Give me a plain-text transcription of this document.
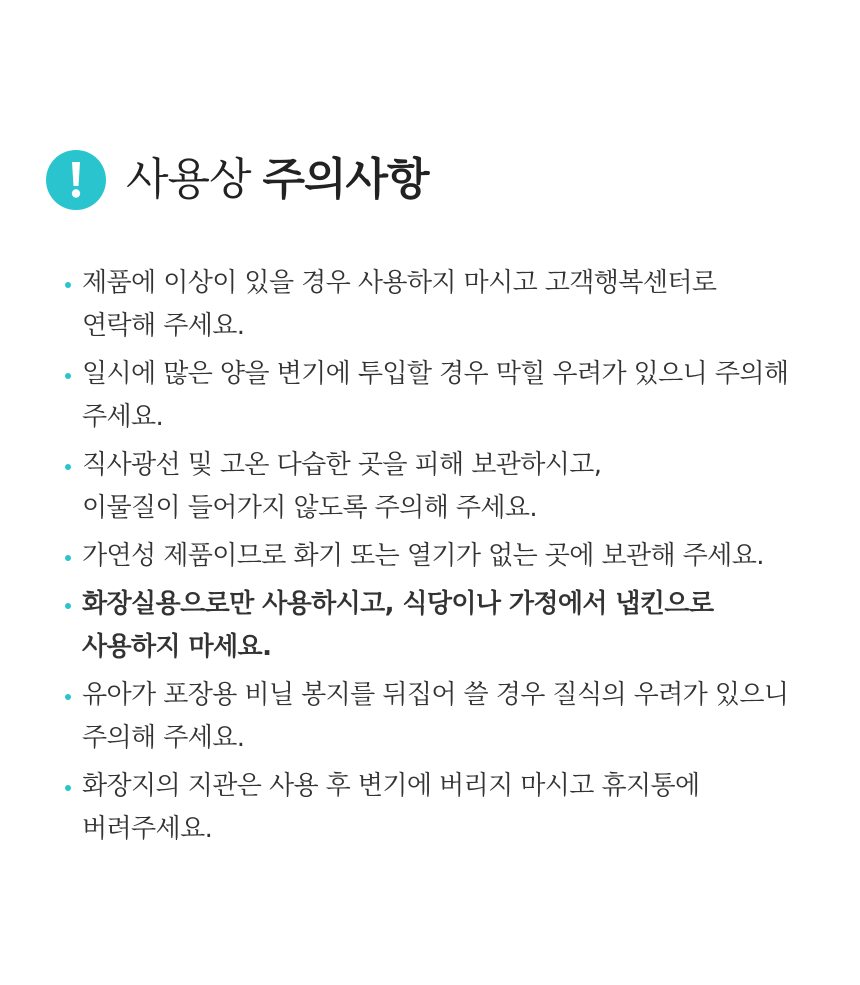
사용상 주의사항
제품에 이상이 있을 경우 사용하지 마시고 고객행복센터로
연락해 주세요.
일시에 많은 양을 변기에 투입할 경우 막힐 우려가 있으니 주의해
주세요.
직사광선 및 고온 다습한 곳을 피해 보관하시고,
이물질이 들어가지 않도록 주의해 주세요.
가연성 제품이므로 화기 또는 열기가 없는 곳에 보관해 주세요.
화장실용으로만 사용하시고, 식당이나 가정에서 냅킨으로
사용하지 마세요.
유아가 포장용 비닐 봉지를 뒤집어 쓸 경우 질식의 우려가 있으니
주의해 주세요.
화장지의 지관은 사용 후 변기에 버리지 마시고 휴지통에
버려주세요.
